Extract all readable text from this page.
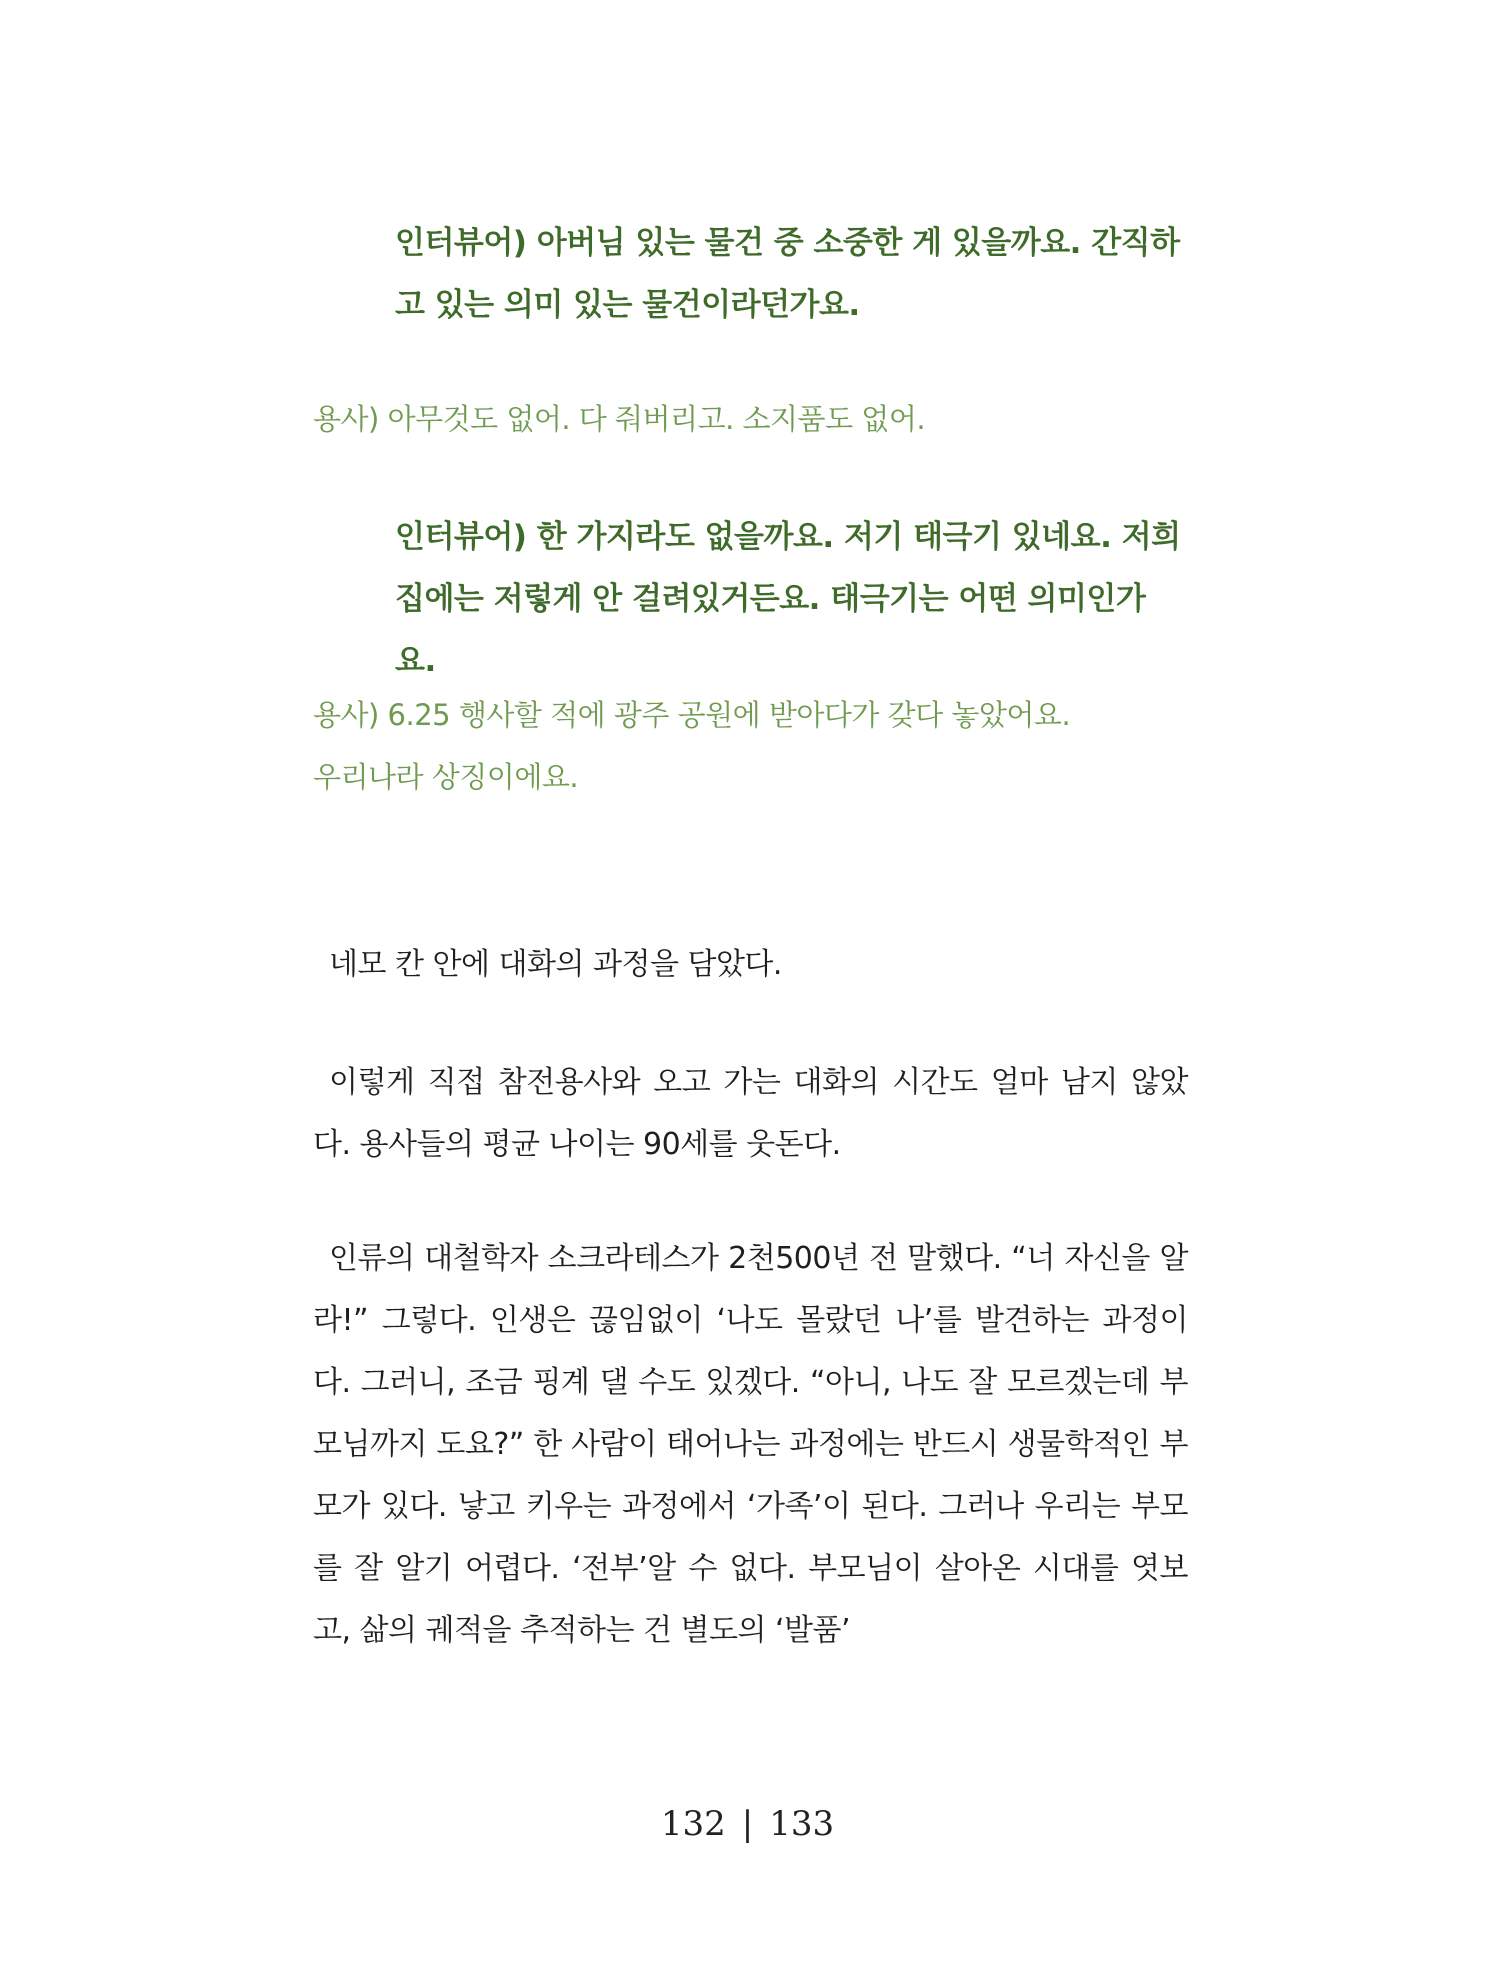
인터뷰어) 아버님 있는 물건 중 소중한 게 있을까요. 간직하고 있는 의미 있는 물건이라던가요.

용사) 아무것도 없어. 다 줘버리고. 소지품도 없어.

인터뷰어) 한 가지라도 없을까요. 저기 태극기 있네요. 저희 집에는 저렇게 안 걸려있거든요. 태극기는 어떤 의미인가요.

용사) 6.25 행사할 적에 광주 공원에 받아다가 갖다 놓았어요.

우리나라 상징이에요.

네모 칸 안에 대화의 과정을 담았다.

이렇게 직접 참전용사와 오고 가는 대화의 시간도 얼마 남지 않았다. 용사들의 평균 나이는 90세를 웃돈다.

인류의 대철학자 소크라테스가 2천500년 전 말했다. “너 자신을 알라!” 그렇다. 인생은 끊임없이 ‘나도 몰랐던 나’를 발견하는 과정이다. 그러니, 조금 핑계 댈 수도 있겠다. “아니, 나도 잘 모르겠는데 부모님까지 도요?” 한 사람이 태어나는 과정에는 반드시 생물학적인 부모가 있다. 낳고 키우는 과정에서 ‘가족’이 된다. 그러나 우리는 부모를 잘 알기 어렵다. ‘전부’알 수 없다. 부모님이 살아온 시대를 엿보고, 삶의 궤적을 추적하는 건 별도의 ‘발품’

132 | 133
